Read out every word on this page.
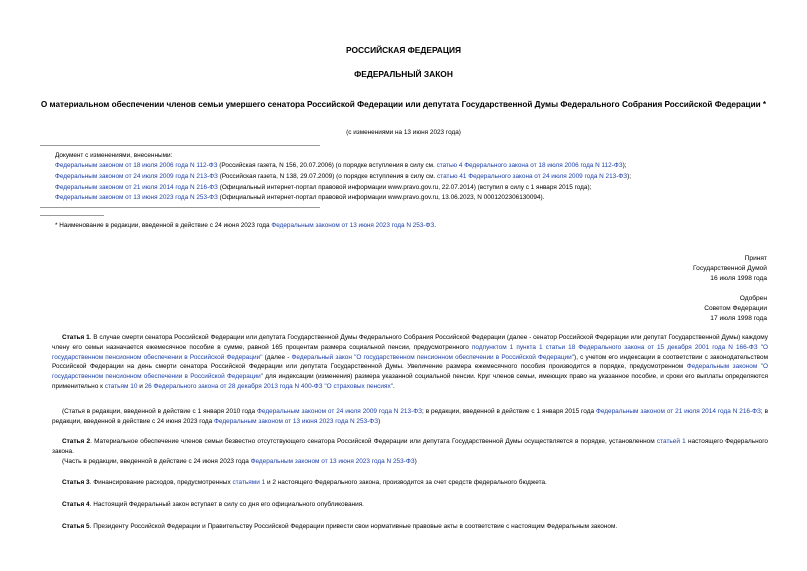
РОССИЙСКАЯ ФЕДЕРАЦИЯ
ФЕДЕРАЛЬНЫЙ ЗАКОН
О материальном обеспечении членов семьи умершего сенатора Российской Федерации или депутата Государственной Думы Федерального Собрания Российской Федерации *
(с изменениями на 13 июня 2023 года)
Документ с изменениями, внесенными:
Федеральным законом от 18 июля 2006 года N 112-ФЗ (Российская газета, N 156, 20.07.2006) (о порядке вступления в силу см. статью 4 Федерального закона от 18 июля 2006 года N 112-ФЗ);
Федеральным законом от 24 июля 2009 года N 213-ФЗ (Российская газета, N 138, 29.07.2009) (о порядке вступления в силу см. статью 41 Федерального закона от 24 июля 2009 года N 213-ФЗ);
Федеральным законом от 21 июля 2014 года N 216-ФЗ (Официальный интернет-портал правовой информации www.pravo.gov.ru, 22.07.2014) (вступил в силу с 1 января 2015 года);
Федеральным законом от 13 июня 2023 года N 253-ФЗ (Официальный интернет-портал правовой информации www.pravo.gov.ru, 13.06.2023, N 0001202306130094).
* Наименование в редакции, введенной в действие с 24 июня 2023 года Федеральным законом от 13 июня 2023 года N 253-ФЗ.
Принят
Государственной Думой
16 июля 1998 года
Одобрен
Советом Федерации
17 июля 1998 года
Статья 1. В случае смерти сенатора Российской Федерации или депутата Государственной Думы Федерального Собрания Российской Федерации (далее - сенатор Российской Федерации или депутат Государственной Думы) каждому члену его семьи назначается ежемесячное пособие в сумме, равной 165 процентам размера социальной пенсии, предусмотренного подпунктом 1 пункта 1 статьи 18 Федерального закона от 15 декабря 2001 года N 166-ФЗ "О государственном пенсионном обеспечении в Российской Федерации" (далее - Федеральный закон "О государственном пенсионном обеспечении в Российской Федерации"), с учетом его индексации в соответствии с законодательством Российской Федерации на день смерти сенатора Российской Федерации или депутата Государственной Думы. Увеличение размера ежемесячного пособия производится в порядке, предусмотренном Федеральным законом "О государственном пенсионном обеспечении в Российской Федерации" для индексации (изменения) размера указанной социальной пенсии. Круг членов семьи, имеющих право на указанное пособие, и сроки его выплаты определяются применительно к статьям 10 и 26 Федерального закона от 28 декабря 2013 года N 400-ФЗ "О страховых пенсиях".
(Статья в редакции, введенной в действие с 1 января 2010 года Федеральным законом от 24 июля 2009 года N 213-ФЗ; в редакции, введенной в действие с 1 января 2015 года Федеральным законом от 21 июля 2014 года N 216-ФЗ; в редакции, введенной в действие с 24 июня 2023 года Федеральным законом от 13 июня 2023 года N 253-ФЗ)
Статья 2. Материальное обеспечение членов семьи безвестно отсутствующего сенатора Российской Федерации или депутата Государственной Думы осуществляется в порядке, установленном статьей 1 настоящего Федерального закона.
(Часть в редакции, введенной в действие с 24 июня 2023 года Федеральным законом от 13 июня 2023 года N 253-ФЗ)
Статья 3. Финансирование расходов, предусмотренных статьями 1 и 2 настоящего Федерального закона, производится за счет средств федерального бюджета.
Статья 4. Настоящий Федеральный закон вступает в силу со дня его официального опубликования.
Статья 5. Президенту Российской Федерации и Правительству Российской Федерации привести свои нормативные правовые акты в соответствие с настоящим Федеральным законом.
